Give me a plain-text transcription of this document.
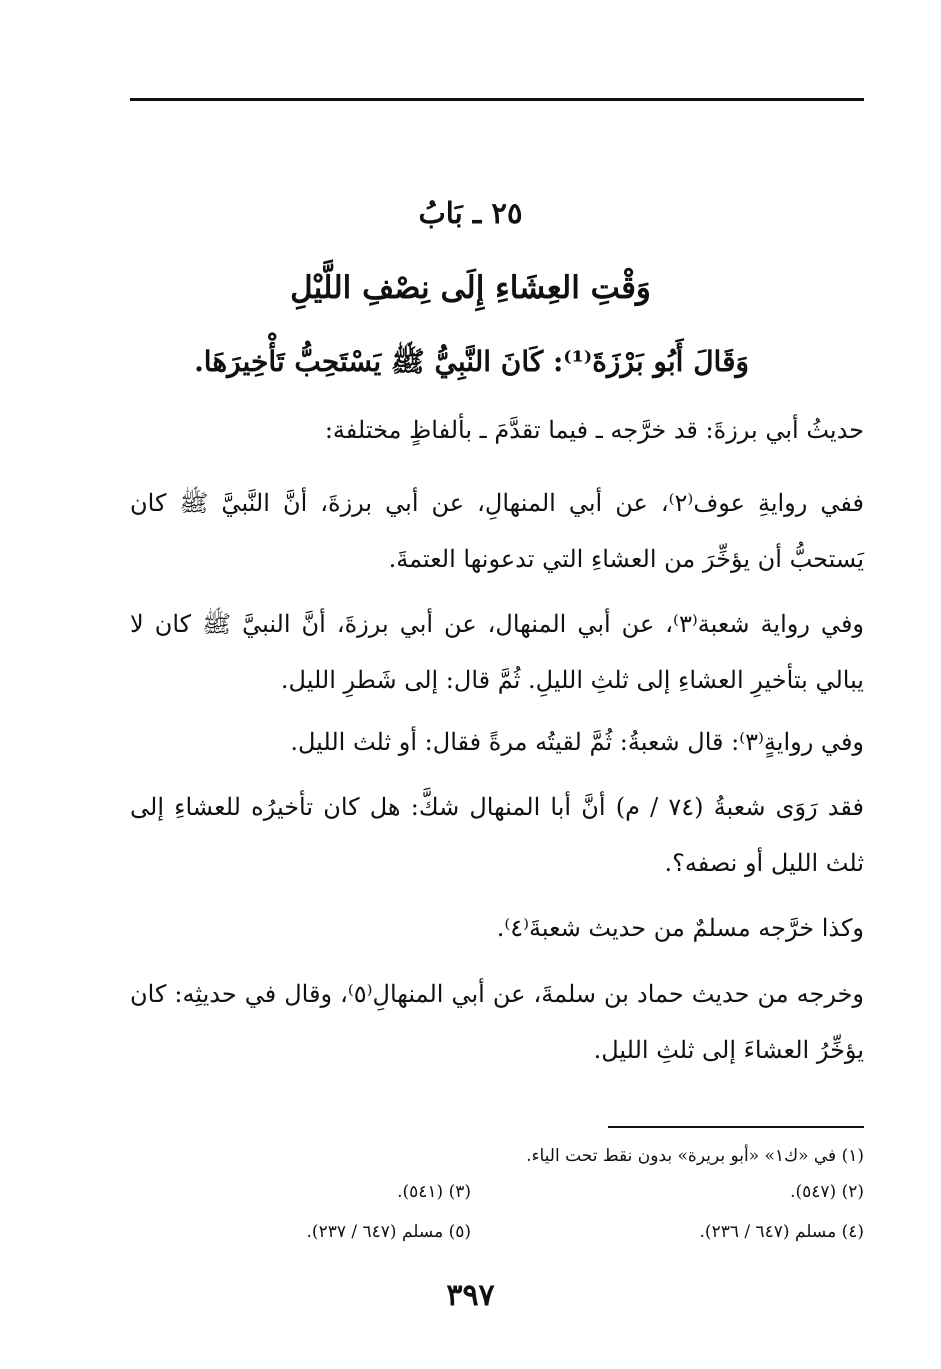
٢٥ ـ بَابُ
وَقْتِ العِشَاءِ إِلَى نِصْفِ اللَّيْلِ
وَقَالَ أَبُو بَرْزَةَ⁽¹⁾: كَانَ النَّبِيُّ ﷺ يَسْتَحِبُّ تَأْخِيرَهَا.
حديثُ أبي برزةَ: قد خرَّجه ـ فيما تقدَّمَ ـ بألفاظٍ مختلفة:
ففي روايةِ عوف⁽٢⁾، عن أبي المنهالِ، عن أبي برزةَ، أنَّ النَّبيَّ ﷺ كان يَستحبُّ أن يؤخِّرَ من العشاءِ التي تدعونها العتمةَ.
وفي رواية شعبة⁽٣⁾، عن أبي المنهال، عن أبي برزةَ، أنَّ النبيَّ ﷺ كان لا يبالي بتأخيرِ العشاءِ إلى ثلثِ الليلِ. ثُمَّ قال: إلى شَطرِ الليل.
وفي روايةٍ⁽٣⁾: قال شعبةُ: ثُمَّ لقيتُه مرةً فقال: أو ثلث الليل.
فقد رَوَى شعبةُ (٧٤ / م) أنَّ أبا المنهال شكَّ: هل كان تأخيرُه للعشاءِ إلى ثلث الليل أو نصفه؟.
وكذا خرَّجه مسلمٌ من حديث شعبةَ⁽٤⁾.
وخرجه من حديث حماد بن سلمةَ، عن أبي المنهالِ⁽٥⁾، وقال في حديثِه: كان يؤخِّرُ العشاءَ إلى ثلثِ الليل.
(١) في «ك١» «أبو بريرة» بدون نقط تحت الياء.
(٢) (٥٤٧).
(٣) (٥٤١).
(٤) مسلم (٦٤٧ / ٢٣٦).
(٥) مسلم (٦٤٧ / ٢٣٧).
٣٩٧
